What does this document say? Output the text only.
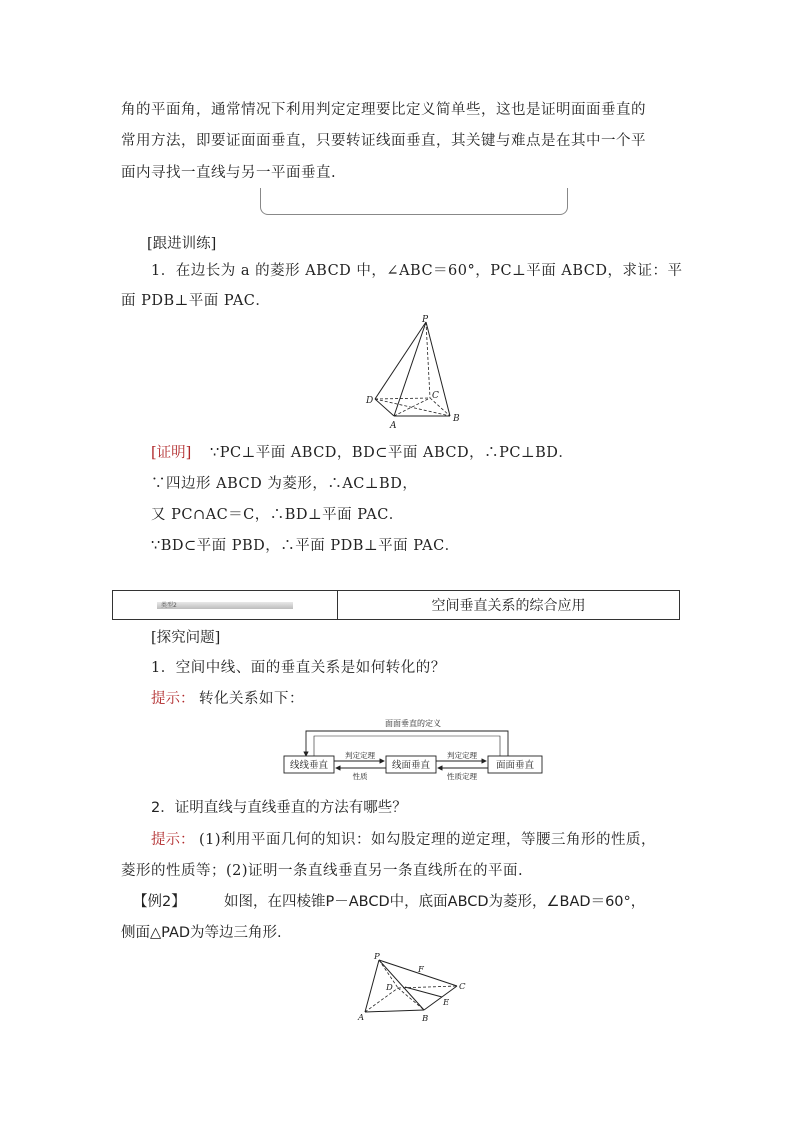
角的平面角，通常情况下利用判定定理要比定义简单些，这也是证明面面垂直的
常用方法，即要证面面垂直，只要转证线面垂直，其关键与难点是在其中一个平
面内寻找一直线与另一平面垂直.
[跟进训练]
1．在边长为 a 的菱形 ABCD 中，∠ABC＝60°，PC⊥平面 ABCD，求证：平
面 PDB⊥平面 PAC．
P
D	C
B
A
[证明] ∵PC⊥平面 ABCD，BD⊂平面 ABCD，∴PC⊥BD．
∵四边形 ABCD 为菱形，∴AC⊥BD，
又 PC∩AC＝C，∴BD⊥平面 PAC．
∵BD⊂平面 PBD，∴平面 PDB⊥平面 PAC．
类型2	空间垂直关系的综合应用
[探究问题]
1．空间中线、面的垂直关系是如何转化的？
提示： 转化关系如下：
面面垂直的定义
线线垂直	线面垂直	面面垂直
判定定理
性质
判定定理
性质定理
2．证明直线与直线垂直的方法有哪些？
提示： (1)利用平面几何的知识：如勾股定理的逆定理，等腰三角形的性质，
菱形的性质等；(2)证明一条直线垂直另一条直线所在的平面.
【例2】	如图，在四棱锥P－ABCD中，底面ABCD为菱形，∠BAD＝60°，
侧面△PAD为等边三角形.
P
F
D	C
E
A	B
